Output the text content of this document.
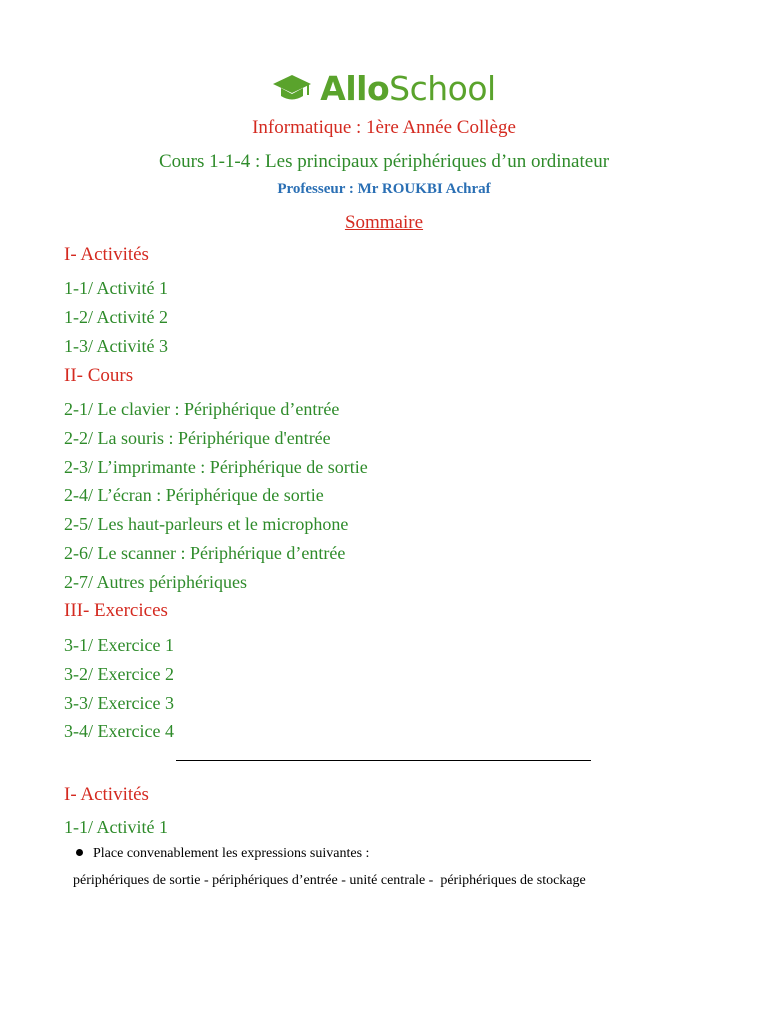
AlloSchool
Informatique : 1ère Année Collège
Cours 1-1-4 : Les principaux périphériques d’un ordinateur
Professeur : Mr ROUKBI Achraf
Sommaire
I- Activités
1-1/ Activité 1
1-2/ Activité 2
1-3/ Activité 3
II- Cours
2-1/ Le clavier : Périphérique d’entrée
2-2/ La souris : Périphérique d'entrée
2-3/ L’imprimante : Périphérique de sortie
2-4/ L’écran : Périphérique de sortie
2-5/ Les haut-parleurs et le microphone
2-6/ Le scanner : Périphérique d’entrée
2-7/ Autres périphériques
III- Exercices
3-1/ Exercice 1
3-2/ Exercice 2
3-3/ Exercice 3
3-4/ Exercice 4
I- Activités
1-1/ Activité 1
Place convenablement les expressions suivantes :
périphériques de sortie - périphériques d’entrée - unité centrale -  périphériques de stockage
